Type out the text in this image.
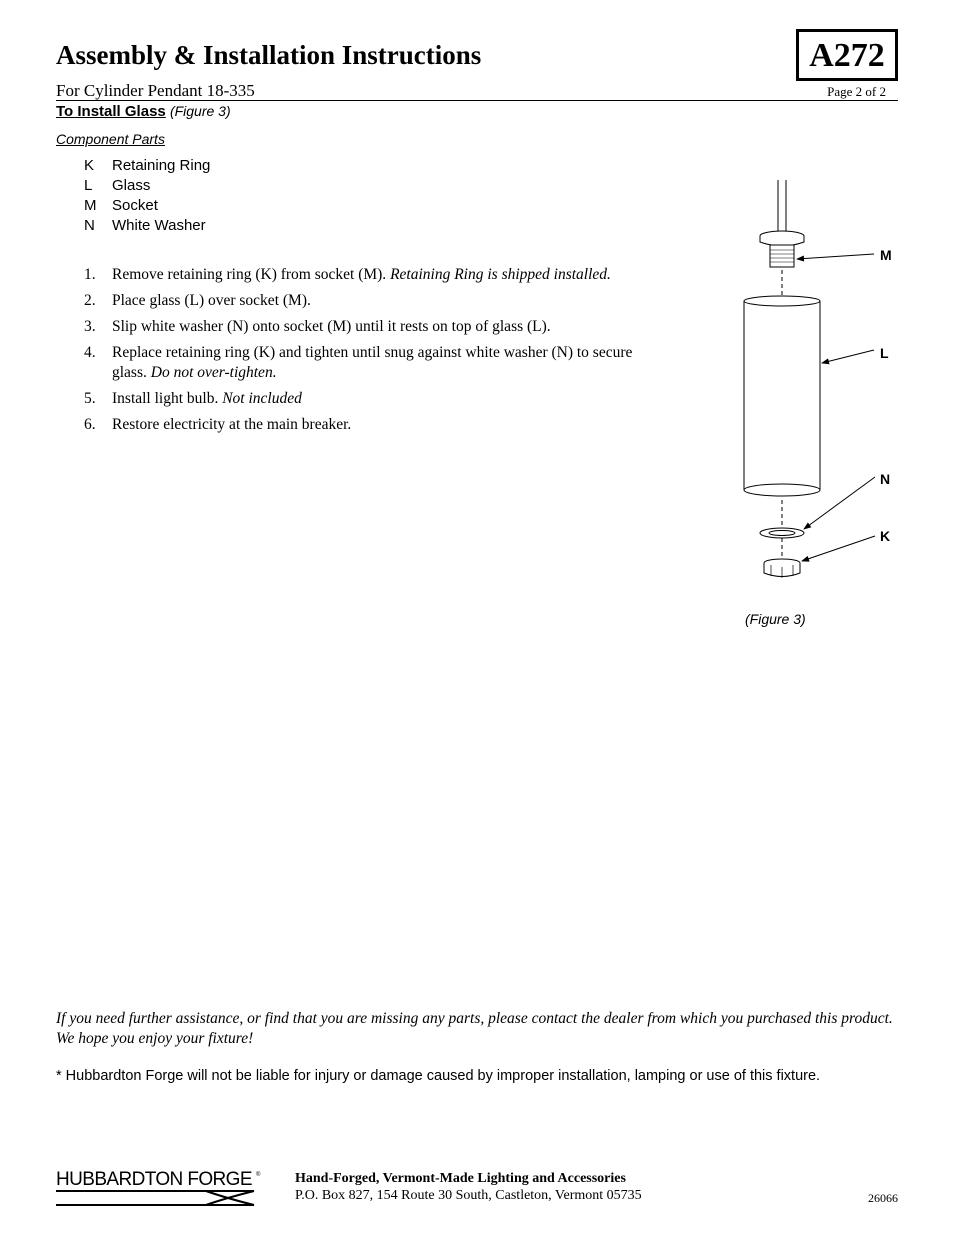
Assembly & Installation Instructions	A272
For Cylinder Pendant 18-335	Page 2 of 2
To Install Glass (Figure 3)
Component Parts
K Retaining Ring
L Glass
M Socket
N White Washer
1.	Remove retaining ring (K) from socket (M). Retaining Ring is shipped installed.
2.	Place glass (L) over socket (M).
3.	Slip white washer (N) onto socket (M) until it rests on top of glass (L).
4.	Replace retaining ring (K) and tighten until snug against white washer (N) to secure glass. Do not over-tighten.
5.	Install light bulb. Not included
6.	Restore electricity at the main breaker.
M
L
N
K
(Figure 3)
If you need further assistance, or find that you are missing any parts, please contact the dealer from which you purchased this product. We hope you enjoy your fixture!
* Hubbardton Forge will not be liable for injury or damage caused by improper installation, lamping or use of this fixture.
HUBBARDTON FORGE ® Hand-Forged, Vermont-Made Lighting and Accessories
P.O. Box 827, 154 Route 30 South, Castleton, Vermont 05735	26066
